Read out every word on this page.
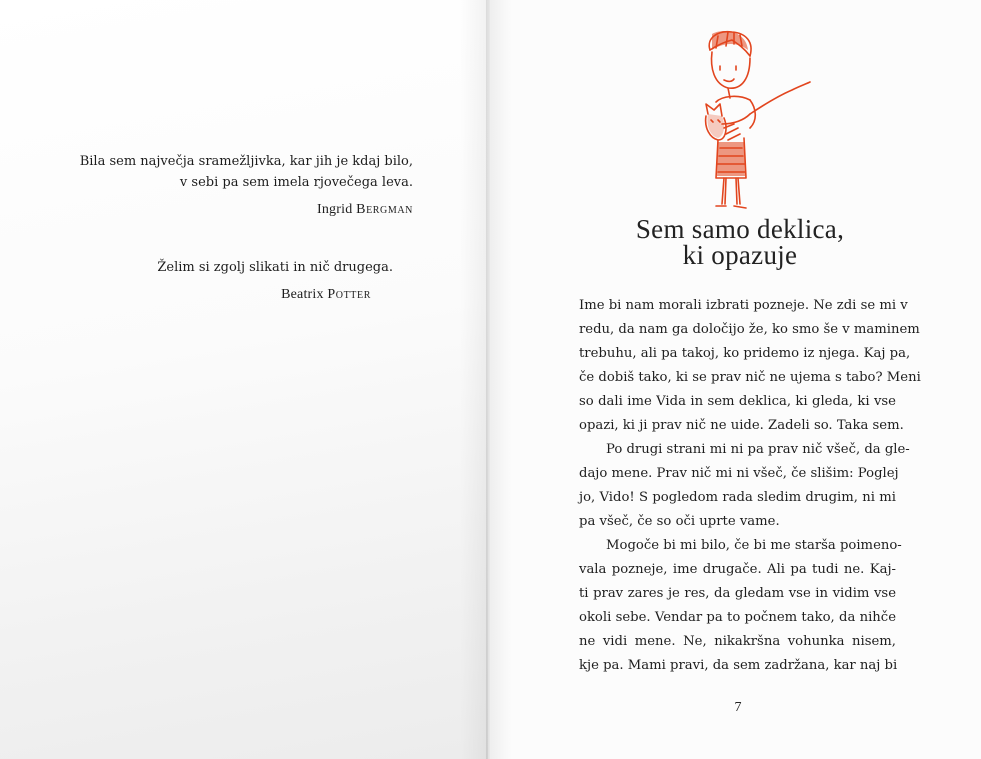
Bila sem največja sramežljivka, kar jih je kdaj bilo,
v sebi pa sem imela rjovečega leva.
Ingrid Bergman
Želim si zgolj slikati in nič drugega.
Beatrix Potter
Sem samo deklica,
ki opazuje
Ime bi nam morali izbrati pozneje. Ne zdi se mi v
redu, da nam ga določijo že, ko smo še v maminem
trebuhu, ali pa takoj, ko pridemo iz njega. Kaj pa,
če dobiš tako, ki se prav nič ne ujema s tabo? Meni
so dali ime Vida in sem deklica, ki gleda, ki vse
opazi, ki ji prav nič ne uide. Zadeli so. Taka sem.
Po drugi strani mi ni pa prav nič všeč, da gle-
dajo mene. Prav nič mi ni všeč, če slišim: Poglej
jo, Vido! S pogledom rada sledim drugim, ni mi
pa všeč, če so oči uprte vame.
Mogoče bi mi bilo, če bi me starša poimeno-
vala pozneje, ime drugače. Ali pa tudi ne. Kaj-
ti prav zares je res, da gledam vse in vidim vse
okoli sebe. Vendar pa to počnem tako, da nihče
ne vidi mene. Ne, nikakršna vohunka nisem,
kje pa. Mami pravi, da sem zadržana, kar naj bi
7
